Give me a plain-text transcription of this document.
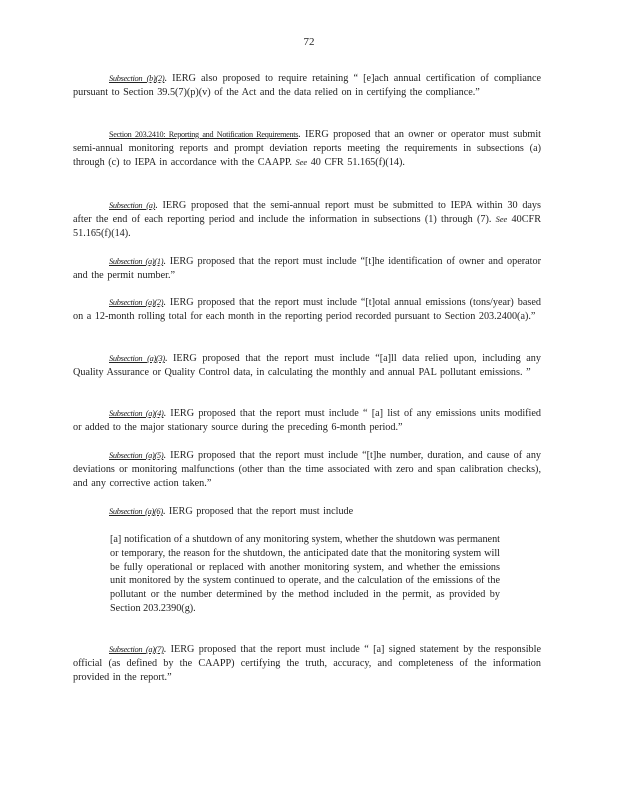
72
Subsection (b)(2). IERG also proposed to require retaining “ [e]ach annual certification of compliance pursuant to Section 39.5(7)(p)(v) of the Act and the data relied on in certifying the compliance.”
Section 203.2410: Reporting and Notification Requirements. IERG proposed that an owner or operator must submit semi-annual monitoring reports and prompt deviation reports meeting the requirements in subsections (a) through (c) to IEPA in accordance with the CAAPP. See 40 CFR 51.165(f)(14).
Subsection (a). IERG proposed that the semi-annual report must be submitted to IEPA within 30 days after the end of each reporting period and include the information in subsections (1) through (7). See 40CFR 51.165(f)(14).
Subsection (a)(1). IERG proposed that the report must include “[t]he identification of owner and operator and the permit number.”
Subsection (a)(2). IERG proposed that the report must include “[t]otal annual emissions (tons/year) based on a 12-month rolling total for each month in the reporting period recorded pursuant to Section 203.2400(a).”
Subsection (a)(3). IERG proposed that the report must include “[a]ll data relied upon, including any Quality Assurance or Quality Control data, in calculating the monthly and annual PAL pollutant emissions. ”
Subsection (a)(4). IERG proposed that the report must include “ [a] list of any emissions units modified or added to the major stationary source during the preceding 6-month period.”
Subsection (a)(5). IERG proposed that the report must include “[t]he number, duration, and cause of any deviations or monitoring malfunctions (other than the time associated with zero and span calibration checks), and any corrective action taken.”
Subsection (a)(6). IERG proposed that the report must include
[a] notification of a shutdown of any monitoring system, whether the shutdown was permanent or temporary, the reason for the shutdown, the anticipated date that the monitoring system will be fully operational or replaced with another monitoring system, and whether the emissions unit monitored by the system continued to operate, and the calculation of the emissions of the pollutant or the number determined by the method included in the permit, as provided by Section 203.2390(g).
Subsection (a)(7). IERG proposed that the report must include “ [a] signed statement by the responsible official (as defined by the CAAPP) certifying the truth, accuracy, and completeness of the information provided in the report.”
